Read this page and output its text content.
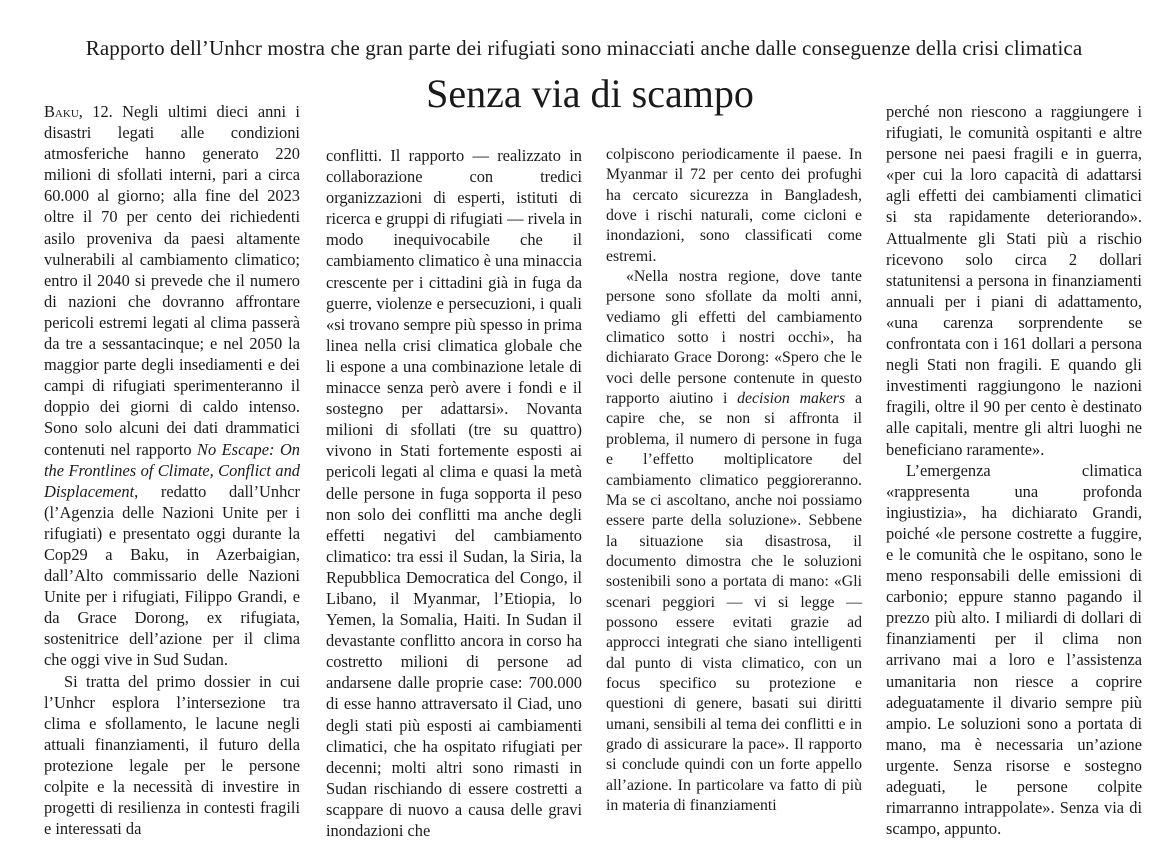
Rapporto dell’Unhcr mostra che gran parte dei rifugiati sono minacciati anche dalle conseguenze della crisi climatica
Senza via di scampo

Baku, 12. Negli ultimi dieci anni i disastri legati alle condizioni atmosferiche hanno generato 220 milioni di sfollati interni, pari a circa 60.000 al giorno; alla fine del 2023 oltre il 70 per cento dei richiedenti asilo proveniva da paesi altamente vulnerabili al cambiamento climatico; entro il 2040 si prevede che il numero di nazioni che dovranno affrontare pericoli estremi legati al clima passerà da tre a sessantacinque; e nel 2050 la maggior parte degli insediamenti e dei campi di rifugiati sperimenteranno il doppio dei giorni di caldo intenso. Sono solo alcuni dei dati drammatici contenuti nel rapporto No Escape: On the Frontlines of Climate, Conflict and Displacement, redatto dall’Unhcr (l’Agenzia delle Nazioni Unite per i rifugiati) e presentato oggi durante la Cop29 a Baku, in Azerbaigian, dall’Alto commissario delle Nazioni Unite per i rifugiati, Filippo Grandi, e da Grace Dorong, ex rifugiata, sostenitrice dell’azione per il clima che oggi vive in Sud Sudan.

Si tratta del primo dossier in cui l’Unhcr esplora l’intersezione tra clima e sfollamento, le lacune negli attuali finanziamenti, il futuro della protezione legale per le persone colpite e la necessità di investire in progetti di resilienza in contesti fragili e interessati da

conflitti. Il rapporto — realizzato in collaborazione con tredici organizzazioni di esperti, istituti di ricerca e gruppi di rifugiati — rivela in modo inequivocabile che il cambiamento climatico è una minaccia crescente per i cittadini già in fuga da guerre, violenze e persecuzioni, i quali «si trovano sempre più spesso in prima linea nella crisi climatica globale che li espone a una combinazione letale di minacce senza però avere i fondi e il sostegno per adattarsi». Novanta milioni di sfollati (tre su quattro) vivono in Stati fortemente esposti ai pericoli legati al clima e quasi la metà delle persone in fuga sopporta il peso non solo dei conflitti ma anche degli effetti negativi del cambiamento climatico: tra essi il Sudan, la Siria, la Repubblica Democratica del Congo, il Libano, il Myanmar, l’Etiopia, lo Yemen, la Somalia, Haiti. In Sudan il devastante conflitto ancora in corso ha costretto milioni di persone ad andarsene dalle proprie case: 700.000 di esse hanno attraversato il Ciad, uno degli stati più esposti ai cambiamenti climatici, che ha ospitato rifugiati per decenni; molti altri sono rimasti in Sudan rischiando di essere costretti a scappare di nuovo a causa delle gravi inondazioni che

colpiscono periodicamente il paese. In Myanmar il 72 per cento dei profughi ha cercato sicurezza in Bangladesh, dove i rischi naturali, come cicloni e inondazioni, sono classificati come estremi.

«Nella nostra regione, dove tante persone sono sfollate da molti anni, vediamo gli effetti del cambiamento climatico sotto i nostri occhi», ha dichiarato Grace Dorong: «Spero che le voci delle persone contenute in questo rapporto aiutino i decision makers a capire che, se non si affronta il problema, il numero di persone in fuga e l’effetto moltiplicatore del cambiamento climatico peggioreranno. Ma se ci ascoltano, anche noi possiamo essere parte della soluzione». Sebbene la situazione sia disastrosa, il documento dimostra che le soluzioni sostenibili sono a portata di mano: «Gli scenari peggiori — vi si legge — possono essere evitati grazie ad approcci integrati che siano intelligenti dal punto di vista climatico, con un focus specifico su protezione e questioni di genere, basati sui diritti umani, sensibili al tema dei conflitti e in grado di assicurare la pace». Il rapporto si conclude quindi con un forte appello all’azione. In particolare va fatto di più in materia di finanziamenti

perché non riescono a raggiungere i rifugiati, le comunità ospitanti e altre persone nei paesi fragili e in guerra, «per cui la loro capacità di adattarsi agli effetti dei cambiamenti climatici si sta rapidamente deteriorando». Attualmente gli Stati più a rischio ricevono solo circa 2 dollari statunitensi a persona in finanziamenti annuali per i piani di adattamento, «una carenza sorprendente se confrontata con i 161 dollari a persona negli Stati non fragili. E quando gli investimenti raggiungono le nazioni fragili, oltre il 90 per cento è destinato alle capitali, mentre gli altri luoghi ne beneficiano raramente».

L’emergenza climatica «rappresenta una profonda ingiustizia», ha dichiarato Grandi, poiché «le persone costrette a fuggire, e le comunità che le ospitano, sono le meno responsabili delle emissioni di carbonio; eppure stanno pagando il prezzo più alto. I miliardi di dollari di finanziamenti per il clima non arrivano mai a loro e l’assistenza umanitaria non riesce a coprire adeguatamente il divario sempre più ampio. Le soluzioni sono a portata di mano, ma è necessaria un’azione urgente. Senza risorse e sostegno adeguati, le persone colpite rimarranno intrappolate». Senza via di scampo, appunto.
